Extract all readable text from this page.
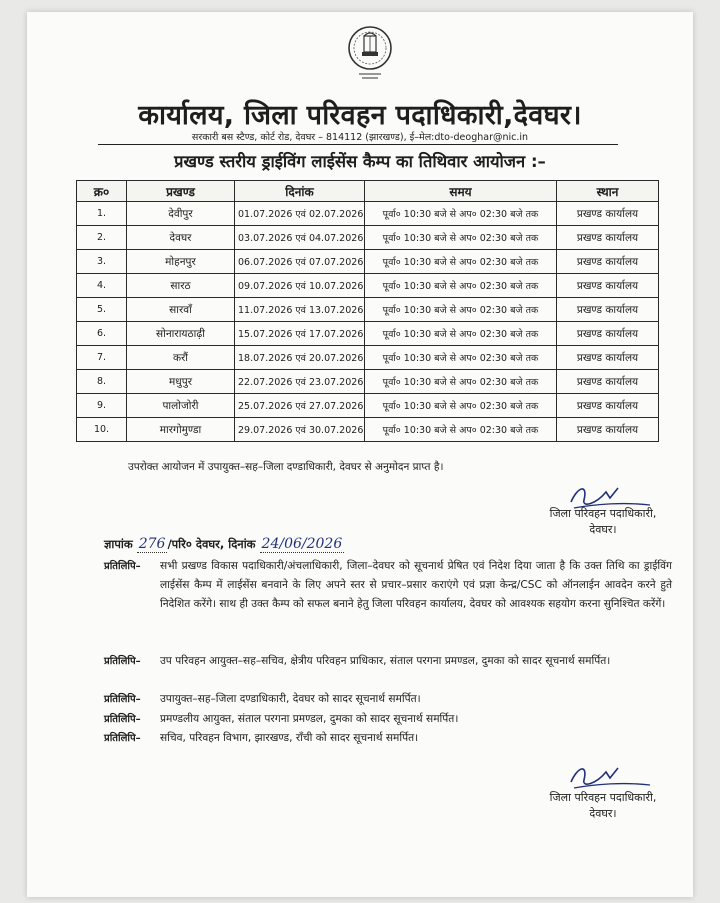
कार्यालय, जिला परिवहन पदाधिकारी,देवघर।
सरकारी बस स्टैण्ड, कोर्ट रोड, देवघर – 814112 (झारखण्ड), ई–मेल:dto-deoghar@nic.in
प्रखण्ड स्तरीय ड्राईविंग लाईसेंस कैम्प का तिथिवार आयोजन :–
क्र०	प्रखण्ड	दिनांक	समय	स्थान
1.	देवीपुर	01.07.2026 एवं 02.07.2026	पूर्वा० 10:30 बजे से अप० 02:30 बजे तक	प्रखण्ड कार्यालय
2.	देवघर	03.07.2026 एवं 04.07.2026	पूर्वा० 10:30 बजे से अप० 02:30 बजे तक	प्रखण्ड कार्यालय
3.	मोहनपुर	06.07.2026 एवं 07.07.2026	पूर्वा० 10:30 बजे से अप० 02:30 बजे तक	प्रखण्ड कार्यालय
4.	सारठ	09.07.2026 एवं 10.07.2026	पूर्वा० 10:30 बजे से अप० 02:30 बजे तक	प्रखण्ड कार्यालय
5.	सारवाँ	11.07.2026 एवं 13.07.2026	पूर्वा० 10:30 बजे से अप० 02:30 बजे तक	प्रखण्ड कार्यालय
6.	सोनारायठाढ़ी	15.07.2026 एवं 17.07.2026	पूर्वा० 10:30 बजे से अप० 02:30 बजे तक	प्रखण्ड कार्यालय
7.	करौं	18.07.2026 एवं 20.07.2026	पूर्वा० 10:30 बजे से अप० 02:30 बजे तक	प्रखण्ड कार्यालय
8.	मधुपुर	22.07.2026 एवं 23.07.2026	पूर्वा० 10:30 बजे से अप० 02:30 बजे तक	प्रखण्ड कार्यालय
9.	पालोजोरी	25.07.2026 एवं 27.07.2026	पूर्वा० 10:30 बजे से अप० 02:30 बजे तक	प्रखण्ड कार्यालय
10.	मारगोमुण्डा	29.07.2026 एवं 30.07.2026	पूर्वा० 10:30 बजे से अप० 02:30 बजे तक	प्रखण्ड कार्यालय
उपरोक्त आयोजन में उपायुक्त–सह–जिला दण्डाधिकारी, देवघर से अनुमोदन प्राप्त है।
जिला परिवहन पदाधिकारी,
देवघर।
ज्ञापांक 276 /परि० देवघर, दिनांक 24/06/2026
प्रतिलिपि–	सभी प्रखण्ड विकास पदाधिकारी/अंचलाधिकारी, जिला–देवघर को सूचनार्थ प्रेषित एवं निदेश दिया जाता है कि उक्त तिथि का ड्राईविंग लाईसेंस कैम्प में लाईसेंस बनवाने के लिए अपने स्तर से प्रचार–प्रसार कराएंगे एवं प्रज्ञा केन्द्र/CSC को ऑनलाईन आवदेन करने हुते निदेशित करेंगे। साथ ही उक्त कैम्प को सफल बनाने हेतु जिला परिवहन कार्यालय, देवघर को आवश्यक सहयोग करना सुनिश्चित करेंगें।
प्रतिलिपि–	उप परिवहन आयुक्त–सह–सचिव, क्षेत्रीय परिवहन प्राधिकार, संताल परगना प्रमण्डल, दुमका को सादर सूचनार्थ समर्पित।
प्रतिलिपि–	उपायुक्त–सह–जिला दण्डाधिकारी, देवघर को सादर सूचनार्थ समर्पित।
प्रतिलिपि–	प्रमण्डलीय आयुक्त, संताल परगना प्रमण्डल, दुमका को सादर सूचनार्थ समर्पित।
प्रतिलिपि–	सचिव, परिवहन विभाग, झारखण्ड, राँची को सादर सूचनार्थ समर्पित।
जिला परिवहन पदाधिकारी,
देवघर।
